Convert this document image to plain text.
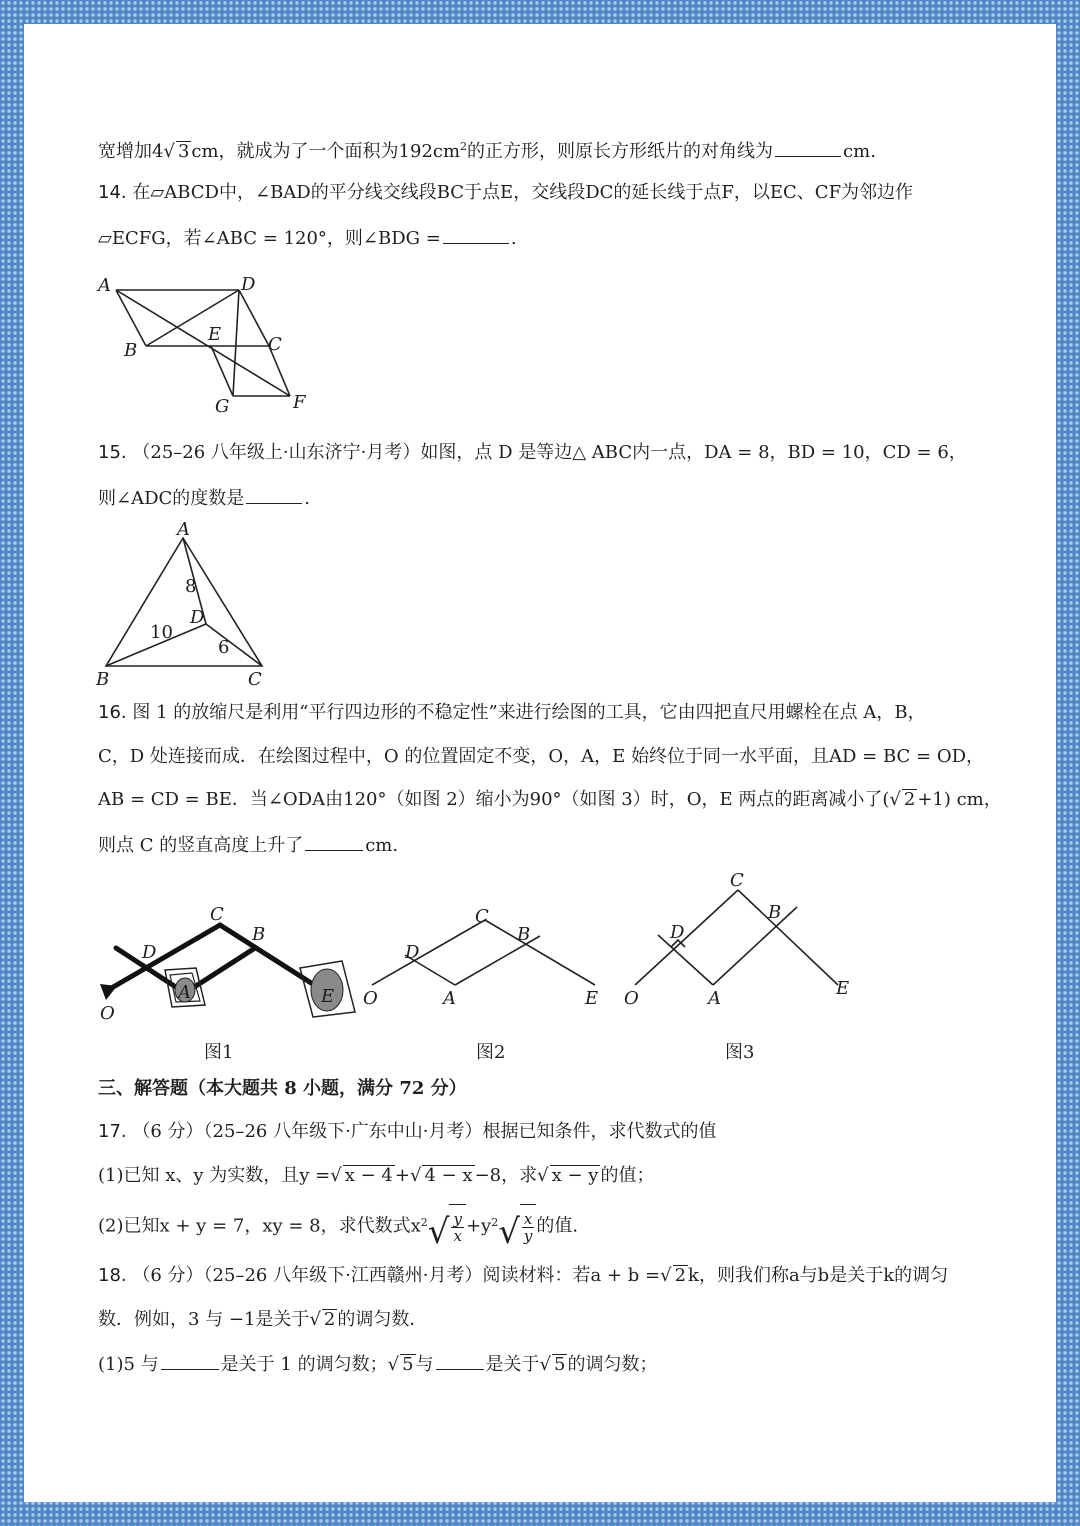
宽增加4√ 3 cm，就成为了一个面积为$192cm^2$的正方形，则原长方形纸片的对角线为	cm.
14. 在▱ABCD中，∠BAD的平分线交线段BC于点E，交线段DC的延长线于点F，以EC、CF为邻边作
▱ECFG，若∠ABC = 120°，则∠BDG =	.
A	D
B
E	C
G	F
15. （25–26 八年级上·山东济宁·月考）如图，点 D 是等边△ ABC内一点，DA = 8，BD = 10，CD = 6，
则∠ADC的度数是	.
A
B	C
D
8
10
6
16. 图 1 的放缩尺是利用“平行四边形的不稳定性”来进行绘图的工具，它由四把直尺用螺栓在点 A，B，
C，D 处连接而成．在绘图过程中，O 的位置固定不变，O，A，E 始终位于同一水平面，且AD = BC = OD，
AB = CD = BE．当∠ODA由120°（如图 2）缩小为90°（如图 3）时，O，E 两点的距离减小了(√ 2 +1) cm，
则点 C 的竖直高度上升了	cm.
D
C
B
A	E
O
D
C
B
O	A	E
D
C
B
O	A	E
图1	图2	图3
三、解答题（本大题共 8 小题，满分 72 分）
17. （6 分）（25–26 八年级下·广东中山·月考）根据已知条件，求代数式的值
(1)已知 x、y 为实数，且y =√ x − 4 +√ 4 − x −8，求√ x − y 的值；
(2)已知x + y = 7，xy = 8，求代数式$x^2$ √ $\frac{y}{x} +y^2$ √ $\frac{x}{y}$ 的值.
18. （6 分）（25–26 八年级下·江西赣州·月考）阅读材料：若a + b =√ 2 k，则我们称a与b是关于k的调匀
数．例如，3 与 −1是关于√ 2 的调匀数．
(1)5 与	是关于 1 的调匀数；√ 5 与	是关于√ 5 的调匀数；
